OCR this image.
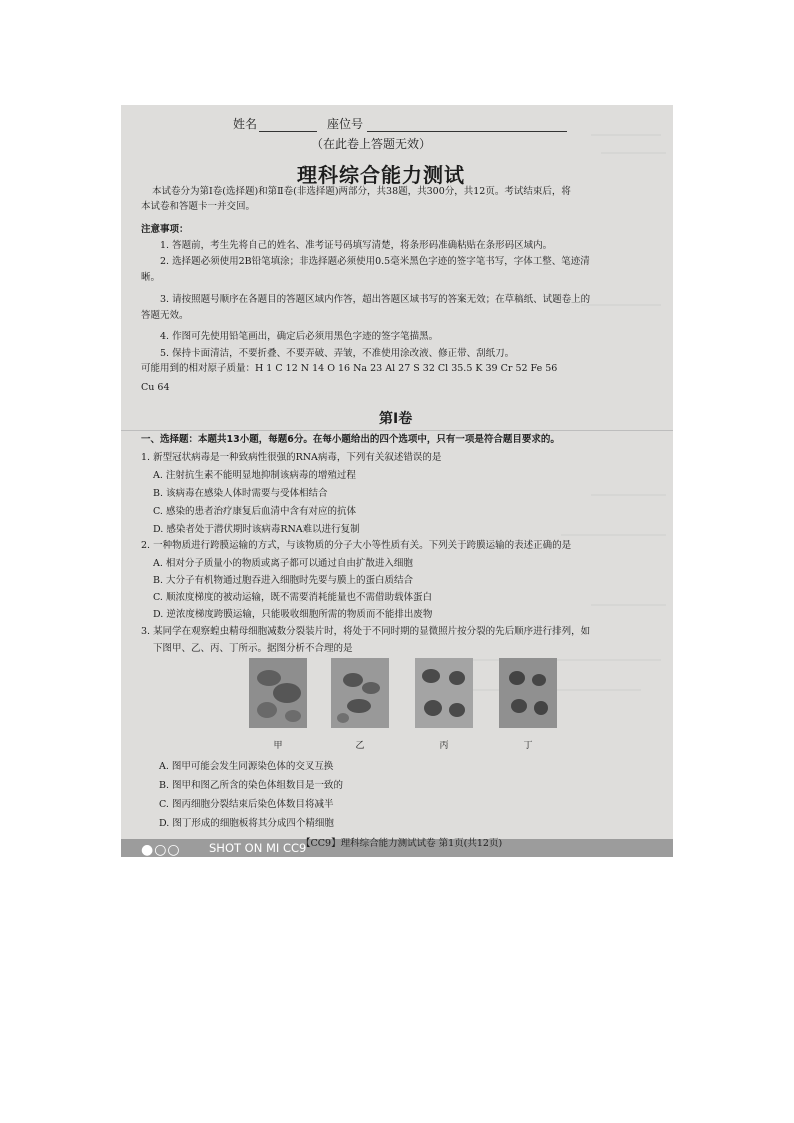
姓名	座位号
（在此卷上答题无效）
理科综合能力测试
本试卷分为第Ⅰ卷(选择题)和第Ⅱ卷(非选择题)两部分，共38题，共300分，共12页。考试结束后，将
本试卷和答题卡一并交回。
注意事项：
1. 答题前，考生先将自己的姓名、准考证号码填写清楚，将条形码准确粘贴在条形码区域内。
2. 选择题必须使用2B铅笔填涂；非选择题必须使用0.5毫米黑色字迹的签字笔书写，字体工整、笔迹清
晰。
3. 请按照题号顺序在各题目的答题区域内作答，超出答题区域书写的答案无效；在草稿纸、试题卷上的
答题无效。
4. 作图可先使用铅笔画出，确定后必须用黑色字迹的签字笔描黑。
5. 保持卡面清洁，不要折叠、不要弄破、弄皱，不准使用涂改液、修正带、刮纸刀。
可能用到的相对原子质量：H 1 C 12 N 14 O 16 Na 23 Al 27 S 32 Cl 35.5 K 39 Cr 52 Fe 56
Cu 64
第Ⅰ卷
一、选择题：本题共13小题，每题6分。在每小题给出的四个选项中，只有一项是符合题目要求的。
1. 新型冠状病毒是一种致病性很强的RNA病毒，下列有关叙述错误的是
A. 注射抗生素不能明显地抑制该病毒的增殖过程
B. 该病毒在感染人体时需要与受体相结合
C. 感染的患者治疗康复后血清中含有对应的抗体
D. 感染者处于潜伏期时该病毒RNA难以进行复制
2. 一种物质进行跨膜运输的方式，与该物质的分子大小等性质有关。下列关于跨膜运输的表述正确的是
A. 相对分子质量小的物质或离子都可以通过自由扩散进入细胞
B. 大分子有机物通过胞吞进入细胞时先要与膜上的蛋白质结合
C. 顺浓度梯度的被动运输，既不需要消耗能量也不需借助载体蛋白
D. 逆浓度梯度跨膜运输，只能吸收细胞所需的物质而不能排出废物
3. 某同学在观察蝗虫精母细胞减数分裂装片时，将处于不同时期的显微照片按分裂的先后顺序进行排列，如
下图甲、乙、丙、丁所示。据图分析不合理的是
甲	乙	丙	丁
A. 图甲可能会发生同源染色体的交叉互换
B. 图甲和图乙所含的染色体组数目是一致的
C. 图丙细胞分裂结束后染色体数目将减半
D. 图丁形成的细胞板将其分成四个精细胞
●○○ SHOT ON MI CC9
【CC9】理科综合能力测试试卷 第1页(共12页)
